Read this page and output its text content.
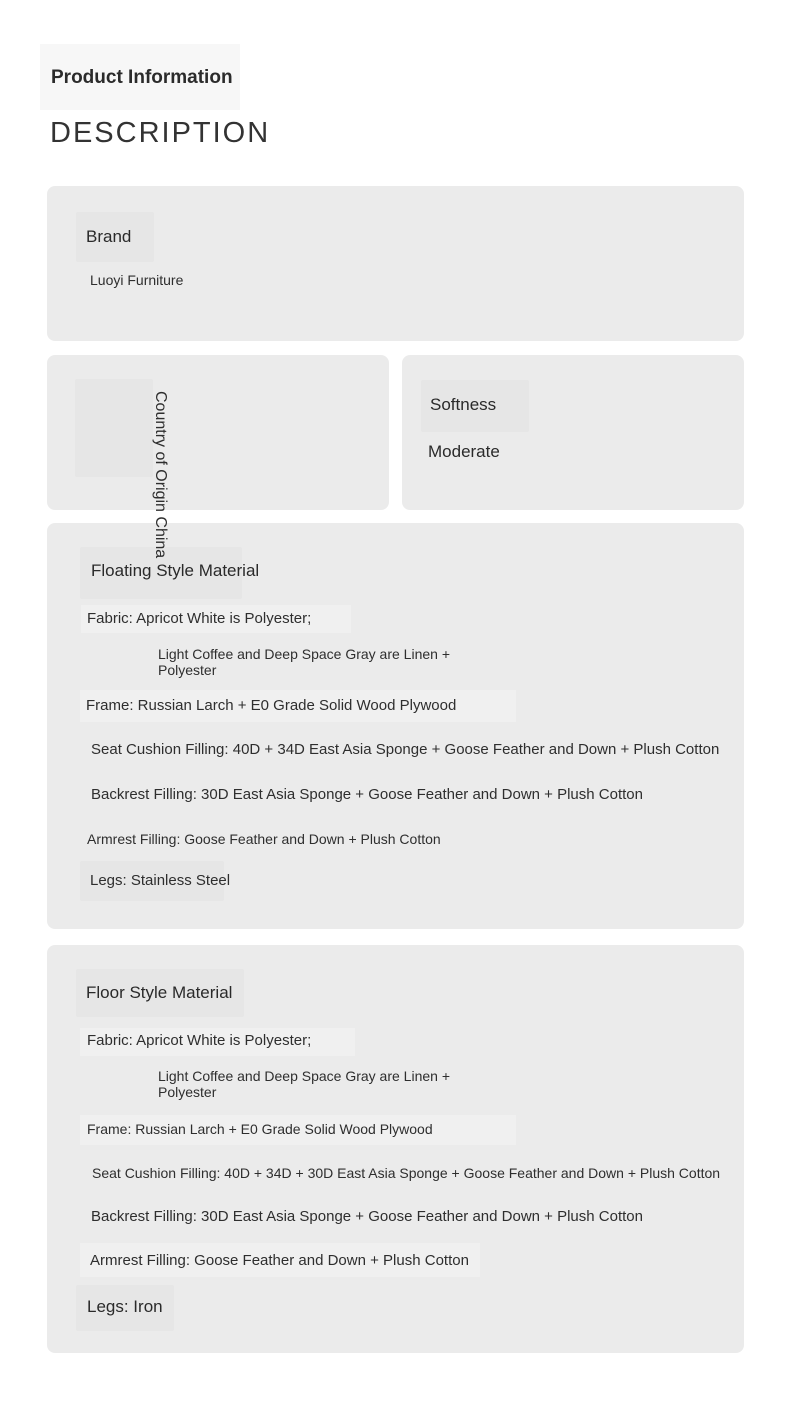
Product Information
DESCRIPTION
Brand
Luoyi Furniture
Softness
Moderate
Floating Style Material
Fabric: Apricot White is Polyester;
Light Coffee and Deep Space Gray are Linen +
Polyester
Frame: Russian Larch + E0 Grade Solid Wood Plywood
Seat Cushion Filling: 40D + 34D East Asia Sponge + Goose Feather and Down + Plush Cotton
Backrest Filling: 30D East Asia Sponge + Goose Feather and Down + Plush Cotton
Armrest Filling: Goose Feather and Down + Plush Cotton
Legs: Stainless Steel
Floor Style Material
Fabric: Apricot White is Polyester;
Light Coffee and Deep Space Gray are Linen +
Polyester
Frame: Russian Larch + E0 Grade Solid Wood Plywood
Seat Cushion Filling: 40D + 34D + 30D East Asia Sponge + Goose Feather and Down + Plush Cotton
Backrest Filling: 30D East Asia Sponge + Goose Feather and Down + Plush Cotton
Armrest Filling: Goose Feather and Down + Plush Cotton
Legs: Iron
Country of Origin China
